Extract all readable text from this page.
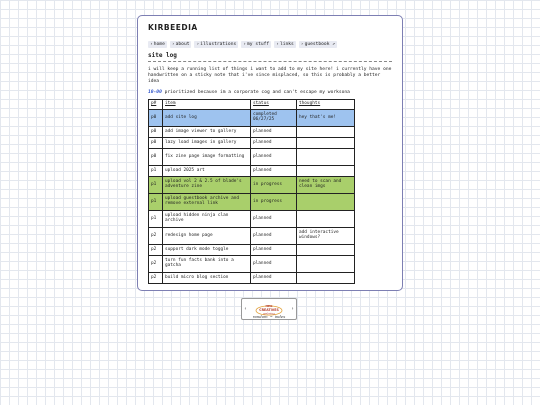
KIRBEEDIA
›home	›about	›illustrations	›my stuff	›links	›guestbook ↗
site log
i will keep a running list of things i want to add to my site here! i currently have one handwritten on a sticky note that i've since misplaced, so this is probably a better idea
10-00 prioritized because im a corporate cog and can't escape my worksona
p#	item	status	thoughts
p0	add site log	completed 06/27/25	hey that's me!
p0	add image viewer to gallery	planned	
p0	lazy load images in gallery	planned	
p0	fix zine page image formatting	planned	
p1	upload 2025 art	planned	
p1	upload vol 2 & 2.5 of blade's adventure zine	in progress	need to scan and clean imgs
p1	upload guestbook archive and remove external link	in progress	
p1	upload hidden ninja clan archive	planned	
p2	redesign home page	planned	add interactive windows?
p2	support dark mode toggle	planned	
p2	turn fun facts bank into a gatcha	planned	
p2	build micro blog section	planned	
‹	HEG
CREATIVES
webring
›
random ~ index
